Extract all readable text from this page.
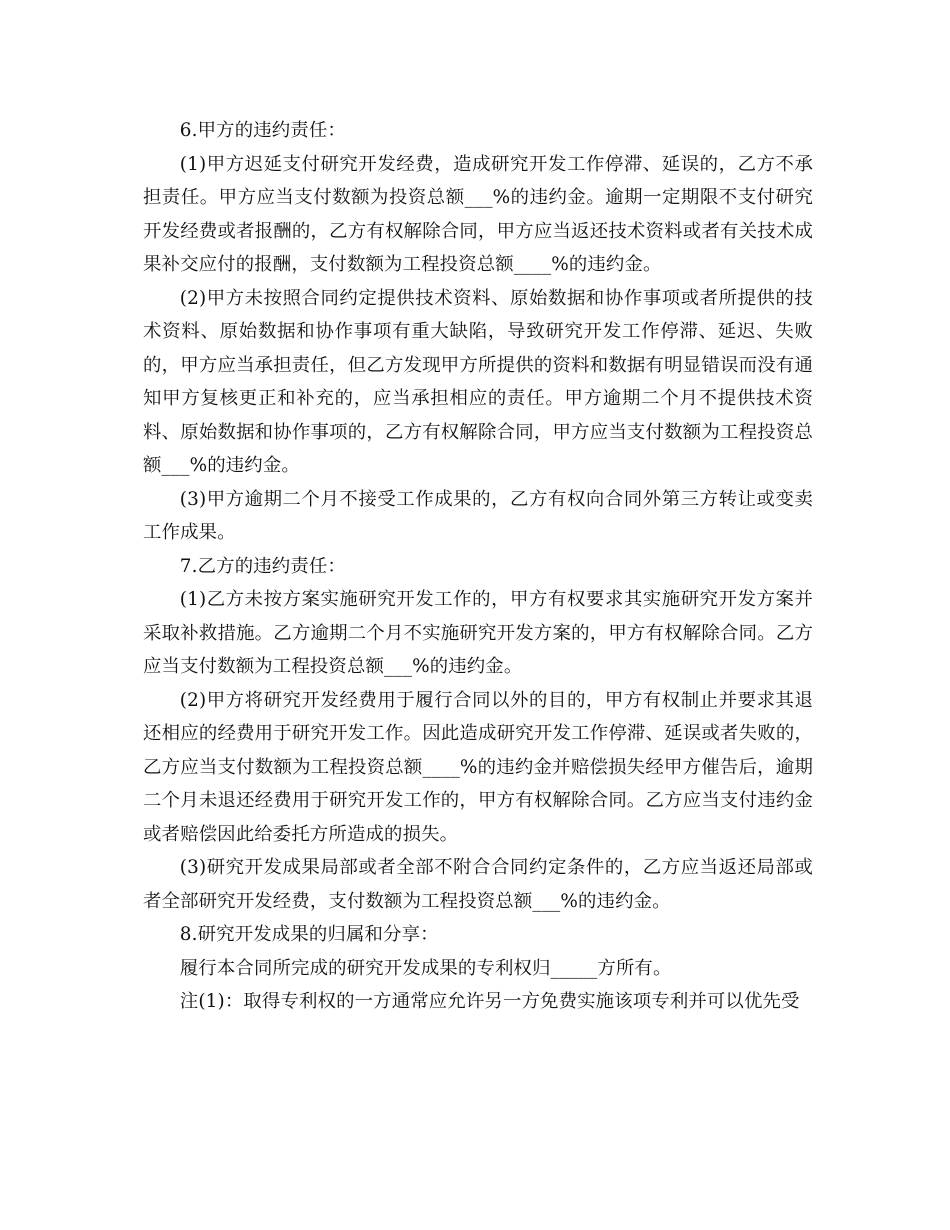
6.甲方的违约责任：

(1)甲方迟延支付研究开发经费，造成研究开发工作停滞、延误的，乙方不承担责任。甲方应当支付数额为投资总额___%的违约金。逾期一定期限不支付研究开发经费或者报酬的，乙方有权解除合同，甲方应当返还技术资料或者有关技术成果补交应付的报酬，支付数额为工程投资总额____%的违约金。

(2)甲方未按照合同约定提供技术资料、原始数据和协作事项或者所提供的技术资料、原始数据和协作事项有重大缺陷，导致研究开发工作停滞、延迟、失败的，甲方应当承担责任，但乙方发现甲方所提供的资料和数据有明显错误而没有通知甲方复核更正和补充的，应当承担相应的责任。甲方逾期二个月不提供技术资料、原始数据和协作事项的，乙方有权解除合同，甲方应当支付数额为工程投资总额___%的违约金。

(3)甲方逾期二个月不接受工作成果的，乙方有权向合同外第三方转让或变卖工作成果。

7.乙方的违约责任：

(1)乙方未按方案实施研究开发工作的，甲方有权要求其实施研究开发方案并采取补救措施。乙方逾期二个月不实施研究开发方案的，甲方有权解除合同。乙方应当支付数额为工程投资总额___%的违约金。

(2)甲方将研究开发经费用于履行合同以外的目的，甲方有权制止并要求其退还相应的经费用于研究开发工作。因此造成研究开发工作停滞、延误或者失败的，乙方应当支付数额为工程投资总额____%的违约金并赔偿损失经甲方催告后，逾期二个月未退还经费用于研究开发工作的，甲方有权解除合同。乙方应当支付违约金或者赔偿因此给委托方所造成的损失。

(3)研究开发成果局部或者全部不附合合同约定条件的，乙方应当返还局部或者全部研究开发经费，支付数额为工程投资总额___%的违约金。

8.研究开发成果的归属和分享：

履行本合同所完成的研究开发成果的专利权归_____方所有。

注(1)：取得专利权的一方通常应允许另一方免费实施该项专利并可以优先受
